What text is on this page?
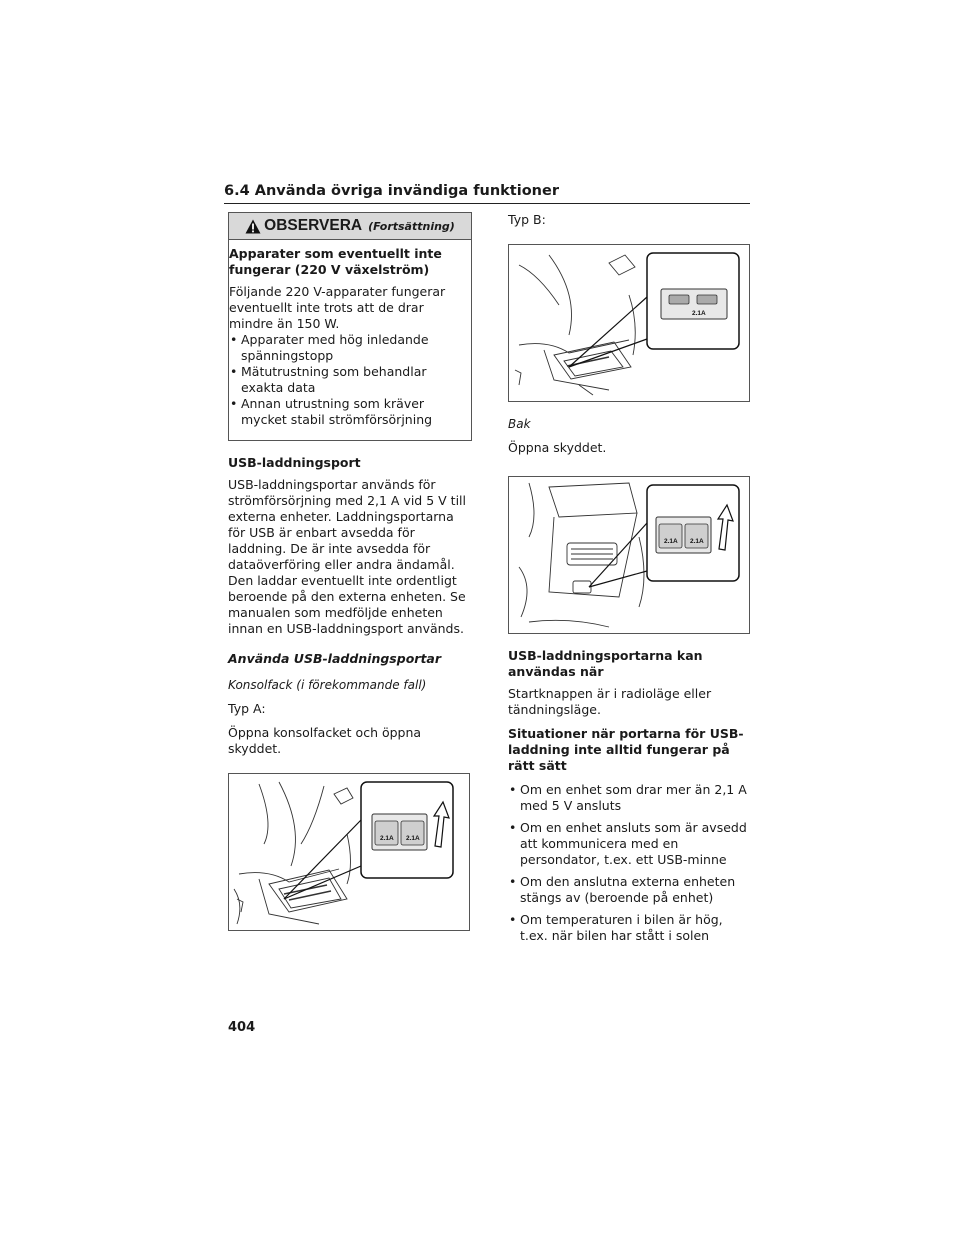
6.4 Använda övriga invändiga funktioner
OBSERVERA (Fortsättning)

Apparater som eventuellt inte fungerar (220 V växelström)

Följande 220 V-apparater fungerar eventuellt inte trots att de drar mindre än 150 W.

• Apparater med hög inledande spänningstopp
• Mätutrustning som behandlar exakta data
• Annan utrustning som kräver mycket stabil strömförsörjning

USB-laddningsport

USB-laddningsportar används för strömförsörjning med 2,1 A vid 5 V till externa enheter. Laddningsportarna för USB är enbart avsedda för laddning. De är inte avsedda för dataöverföring eller andra ändamål. Den laddar eventuellt inte ordentligt beroende på den externa enheten. Se manualen som medföljde enheten innan en USB-laddningsport används.

Använda USB-laddningsportar

Konsolfack (i förekommande fall)

Typ A:

Öppna konsolfacket och öppna skyddet.

2.1A 2.1A

Typ B:

2.1A

Bak

Öppna skyddet.

2.1A 2.1A

USB-laddningsportarna kan användas när

Startknappen är i radioläge eller tändningsläge.

Situationer när portarna för USB-laddning inte alltid fungerar på rätt sätt

• Om en enhet som drar mer än 2,1 A med 5 V ansluts
• Om en enhet ansluts som är avsedd att kommunicera med en persondator, t.ex. ett USB-minne
• Om den anslutna externa enheten stängs av (beroende på enhet)
• Om temperaturen i bilen är hög, t.ex. när bilen har stått i solen
404
